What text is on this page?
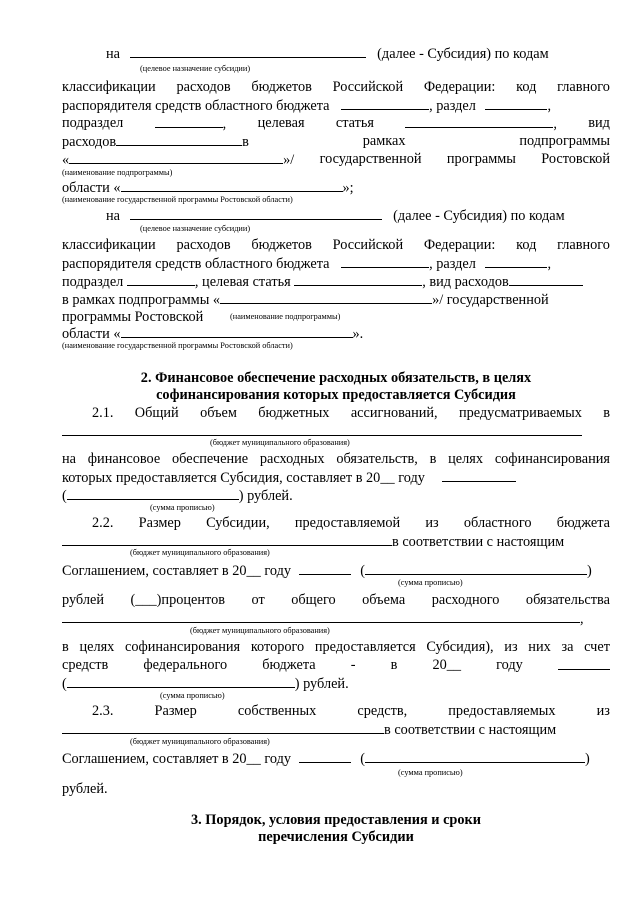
на	(далее - Субсидия) по кодам
(целевое назначение субсидии)
классификации расходов бюджетов Российской Федерации: код главного
распорядителя средств областного бюджета	, раздел	,
подраздел	, целевая статья	, вид
расходов	в	рамках	подпрограммы
«	»/ государственной программы Ростовской
(наименование подпрограммы)
области «	»;
(наименование государственной программы Ростовской области)
на	(далее - Субсидия) по кодам
(целевое назначение субсидии)
классификации расходов бюджетов Российской Федерации: код главного
распорядителя средств областного бюджета	, раздел	,
подраздел	, целевая статья	, вид расходов
в рамках подпрограммы «	»/ государственной
программы Ростовской	(наименование подпрограммы)
области «	».
(наименование государственной программы Ростовской области)
2. Финансовое обеспечение расходных обязательств, в целях
софинансирования которых предоставляется Субсидия
2.1. Общий объем бюджетных ассигнований, предусматриваемых в
(бюджет муниципального образования)
на финансовое обеспечение расходных обязательств, в целях софинансирования
которых предоставляется Субсидия, составляет в 20__ году
(	) рублей.
(сумма прописью)
2.2. Размер Субсидии, предоставляемой из областного бюджета
в соответствии с настоящим
(бюджет муниципального образования)
Соглашением, составляет в 20__ году	(	)
(сумма прописью)
рублей (___)процентов от общего объема расходного обязательства
,
(бюджет муниципального образования)
в целях софинансирования которого предоставляется Субсидия), из них за счет
средств федерального бюджета - в 20__ году
(	) рублей.
(сумма прописью)
2.3.	Размер	собственных	средств,	предоставляемых	из
в соответствии с настоящим
(бюджет муниципального образования)
Соглашением, составляет в 20__ году	(	)
(сумма прописью)
рублей.
3. Порядок, условия предоставления и сроки
перечисления Субсидии
